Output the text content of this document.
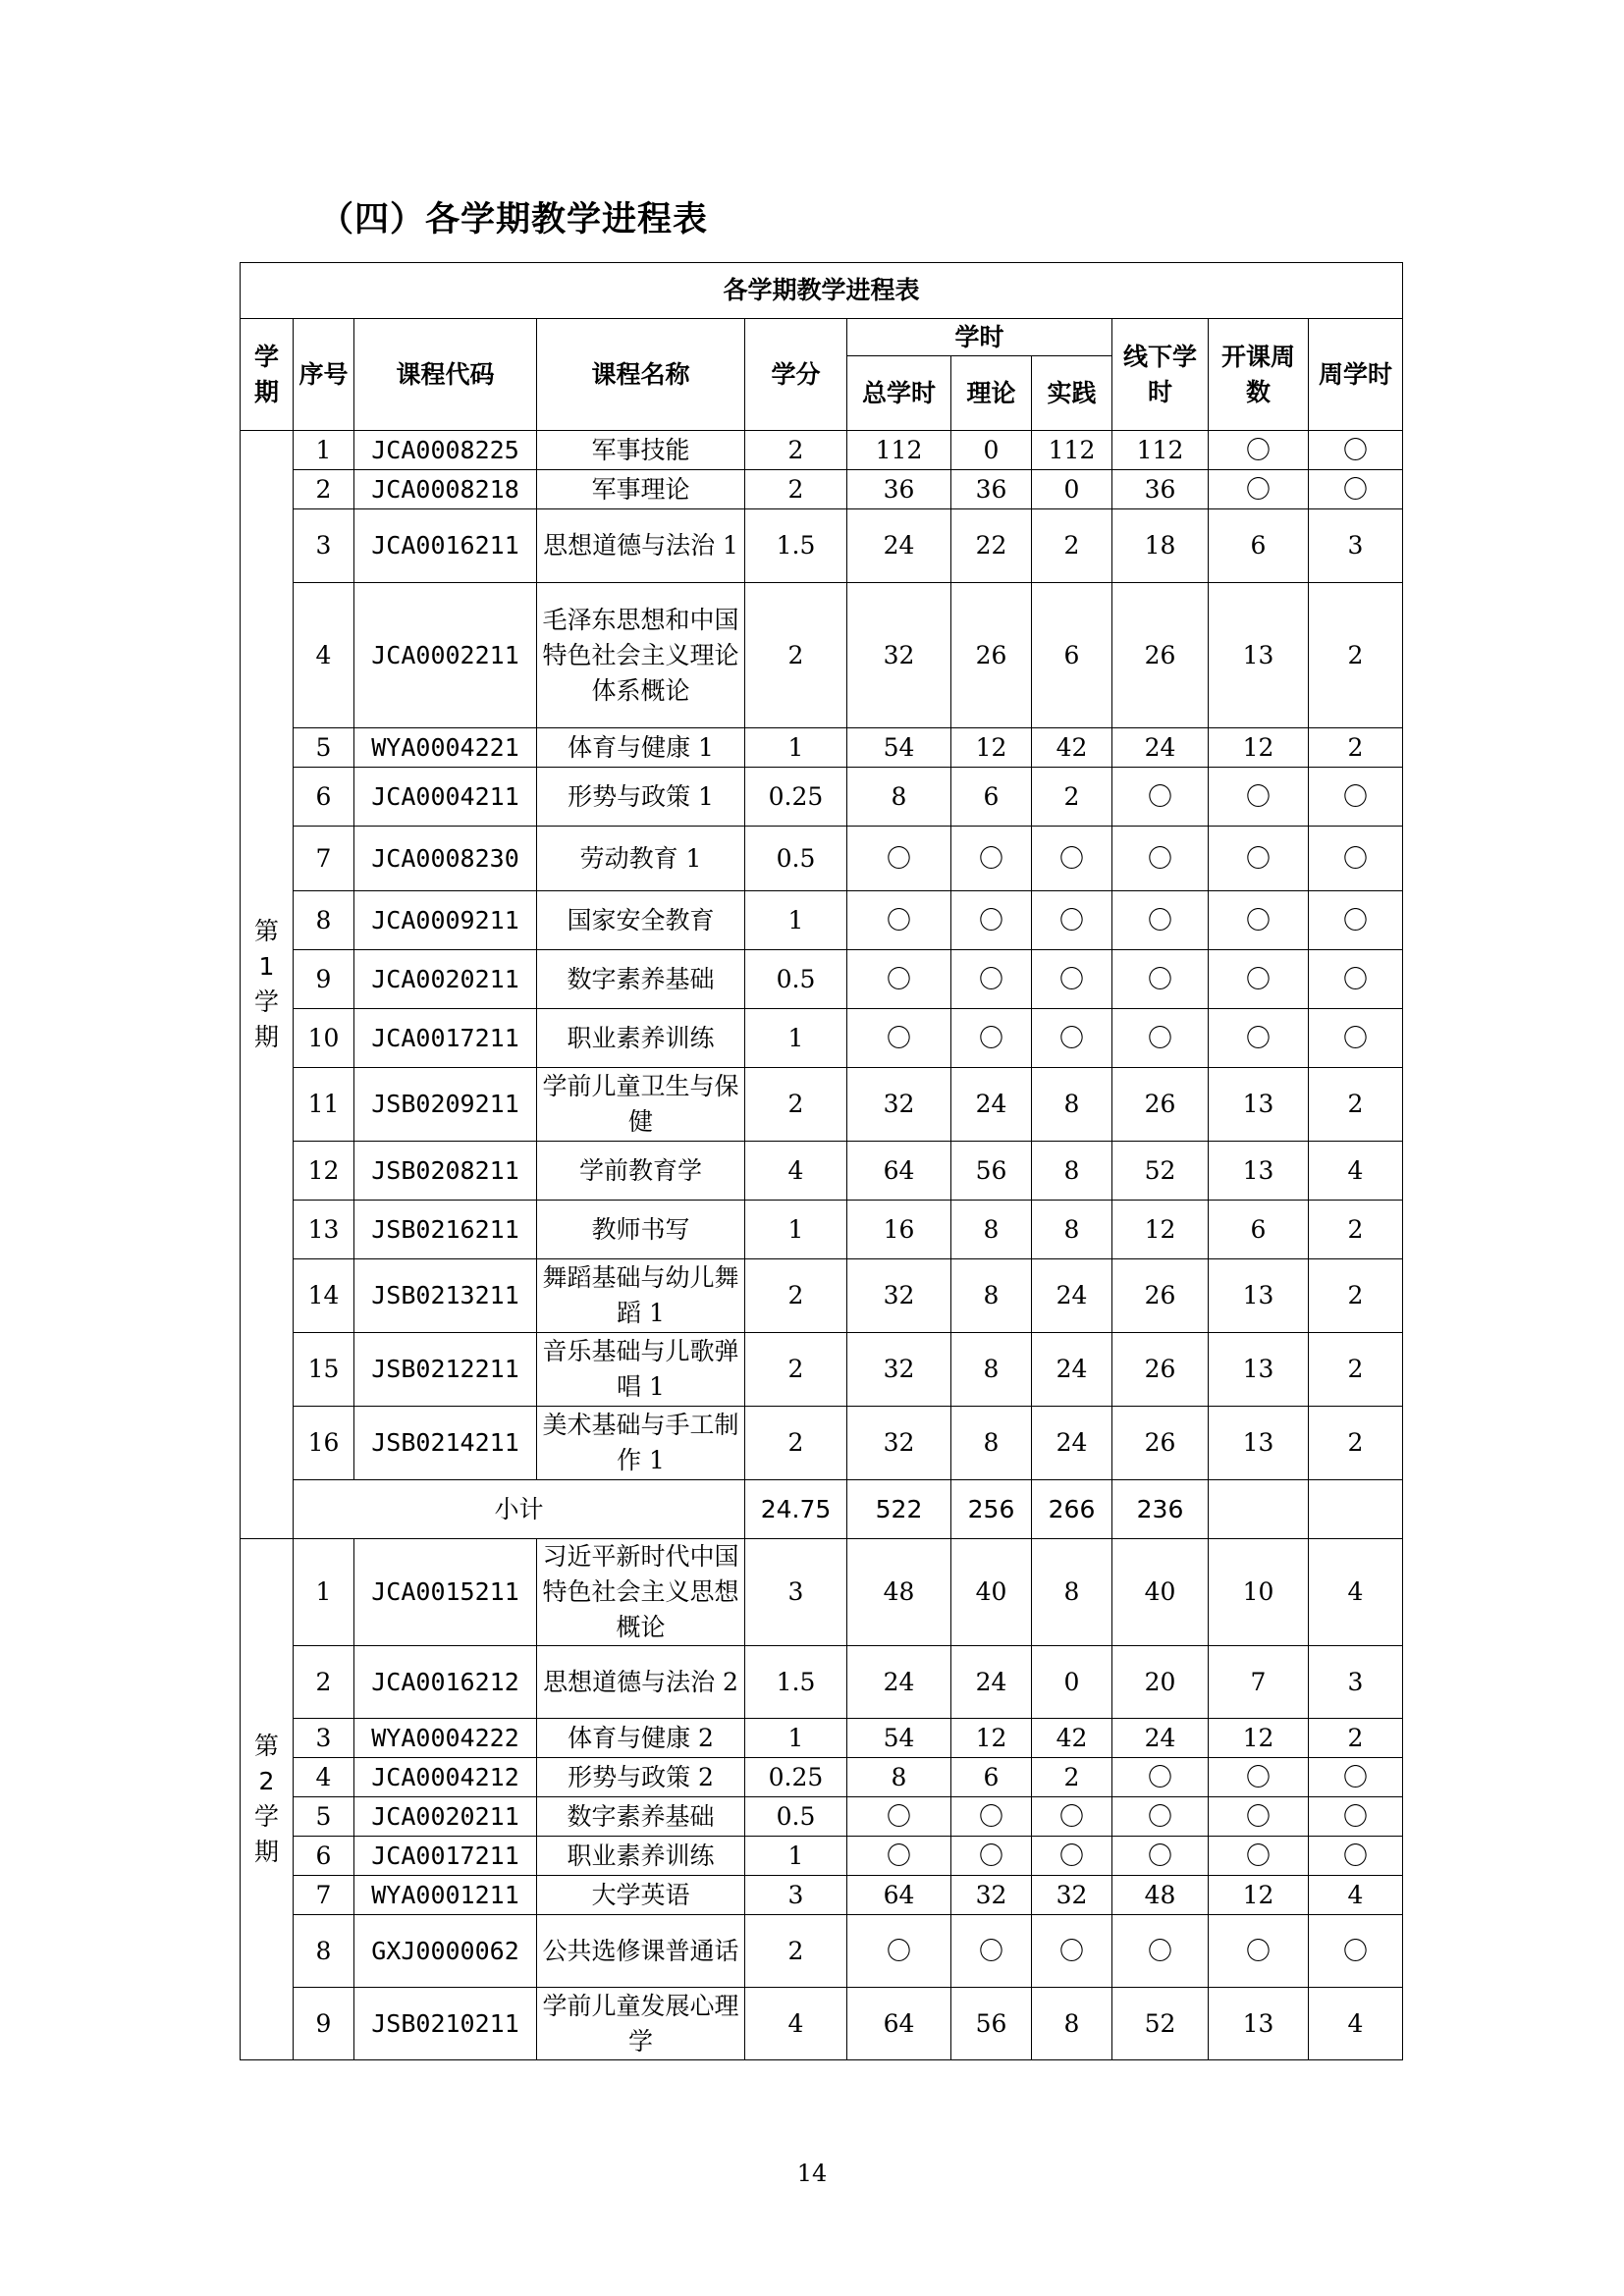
（四）各学期教学进程表
各学期教学进程表										
学期	序号	课程代码	课程名称	学分	学时			线下学时	开课周数	周学时
					总学时	理论	实践			

第
1
学
期	1	JCA0008225	军事技能	2	112	0	112	112	〇	〇
	2	JCA0008218	军事理论	2	36	36	0	36	〇	〇
	3	JCA0016211	思想道德与法治 1	1.5	24	22	2	18	6	3
	4	JCA0002211	毛泽东思想和中国特色社会主义理论体系概论	2	32	26	6	26	13	2
	5	WYA0004221	体育与健康 1	1	54	12	42	24	12	2
	6	JCA0004211	形势与政策 1	0.25	8	6	2	〇	〇	〇
	7	JCA0008230	劳动教育 1	0.5	〇	〇	〇	〇	〇	〇
	8	JCA0009211	国家安全教育	1	〇	〇	〇	〇	〇	〇
	9	JCA0020211	数字素养基础	0.5	〇	〇	〇	〇	〇	〇
	10	JCA0017211	职业素养训练	1	〇	〇	〇	〇	〇	〇
	11	JSB0209211	学前儿童卫生与保健	2	32	24	8	26	13	2
	12	JSB0208211	学前教育学	4	64	56	8	52	13	4
	13	JSB0216211	教师书写	1	16	8	8	12	6	2
	14	JSB0213211	舞蹈基础与幼儿舞蹈 1	2	32	8	24	26	13	2
	15	JSB0212211	音乐基础与儿歌弹唱 1	2	32	8	24	26	13	2
	16	JSB0214211	美术基础与手工制作 1	2	32	8	24	26	13	2
	小计			24.75	522	256	266	236		

第
2
学
期	1	JCA0015211	习近平新时代中国特色社会主义思想概论	3	48	40	8	40	10	4
	2	JCA0016212	思想道德与法治 2	1.5	24	24	0	20	7	3
	3	WYA0004222	体育与健康 2	1	54	12	42	24	12	2
	4	JCA0004212	形势与政策 2	0.25	8	6	2	〇	〇	〇
	5	JCA0020211	数字素养基础	0.5	〇	〇	〇	〇	〇	〇
	6	JCA0017211	职业素养训练	1	〇	〇	〇	〇	〇	〇
	7	WYA0001211	大学英语	3	64	32	32	48	12	4
	8	GXJ0000062	公共选修课普通话	2	〇	〇	〇	〇	〇	〇
	9	JSB0210211	学前儿童发展心理学	4	64	56	8	52	13	4
14
